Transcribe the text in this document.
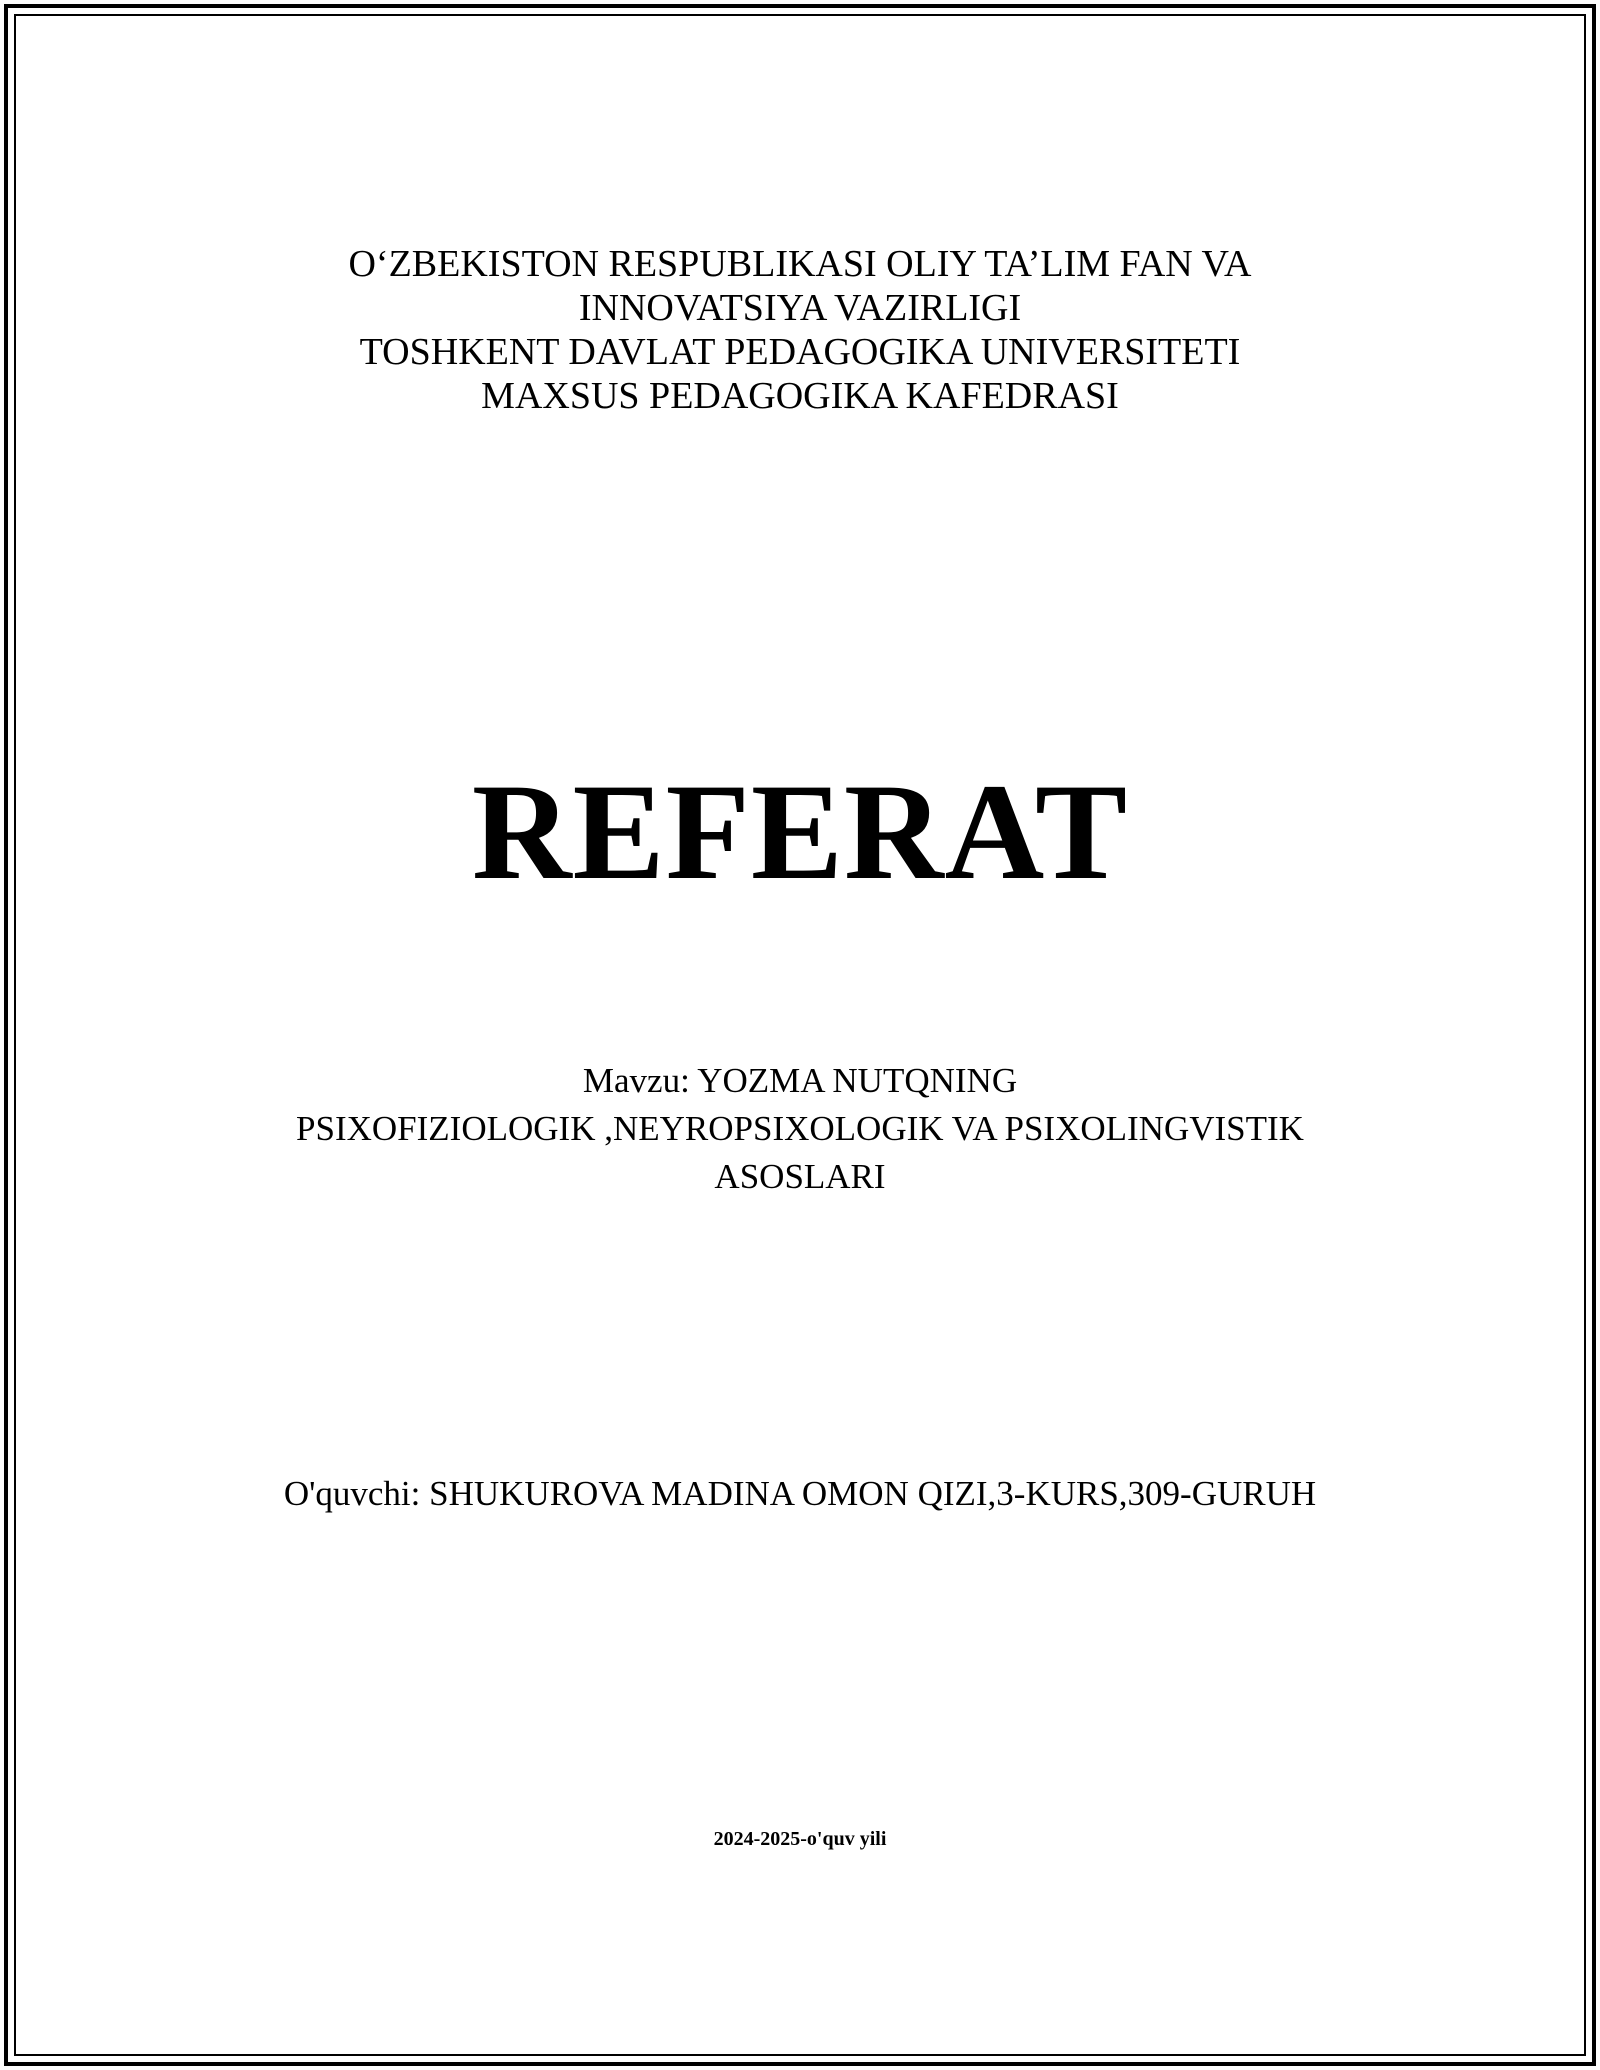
O‘ZBEKISTON RESPUBLIKASI OLIY TA’LIM FAN VA
INNOVATSIYA VAZIRLIGI
TOSHKENT DAVLAT PEDAGOGIKA UNIVERSITETI
MAXSUS PEDAGOGIKA KAFEDRASI
REFERAT
Mavzu: YOZMA NUTQNING
PSIXOFIZIOLOGIK ,NEYROPSIXOLOGIK VA PSIXOLINGVISTIK
ASOSLARI
O'quvchi: SHUKUROVA MADINA OMON QIZI,3-KURS,309-GURUH
2024-2025-o'quv yili
